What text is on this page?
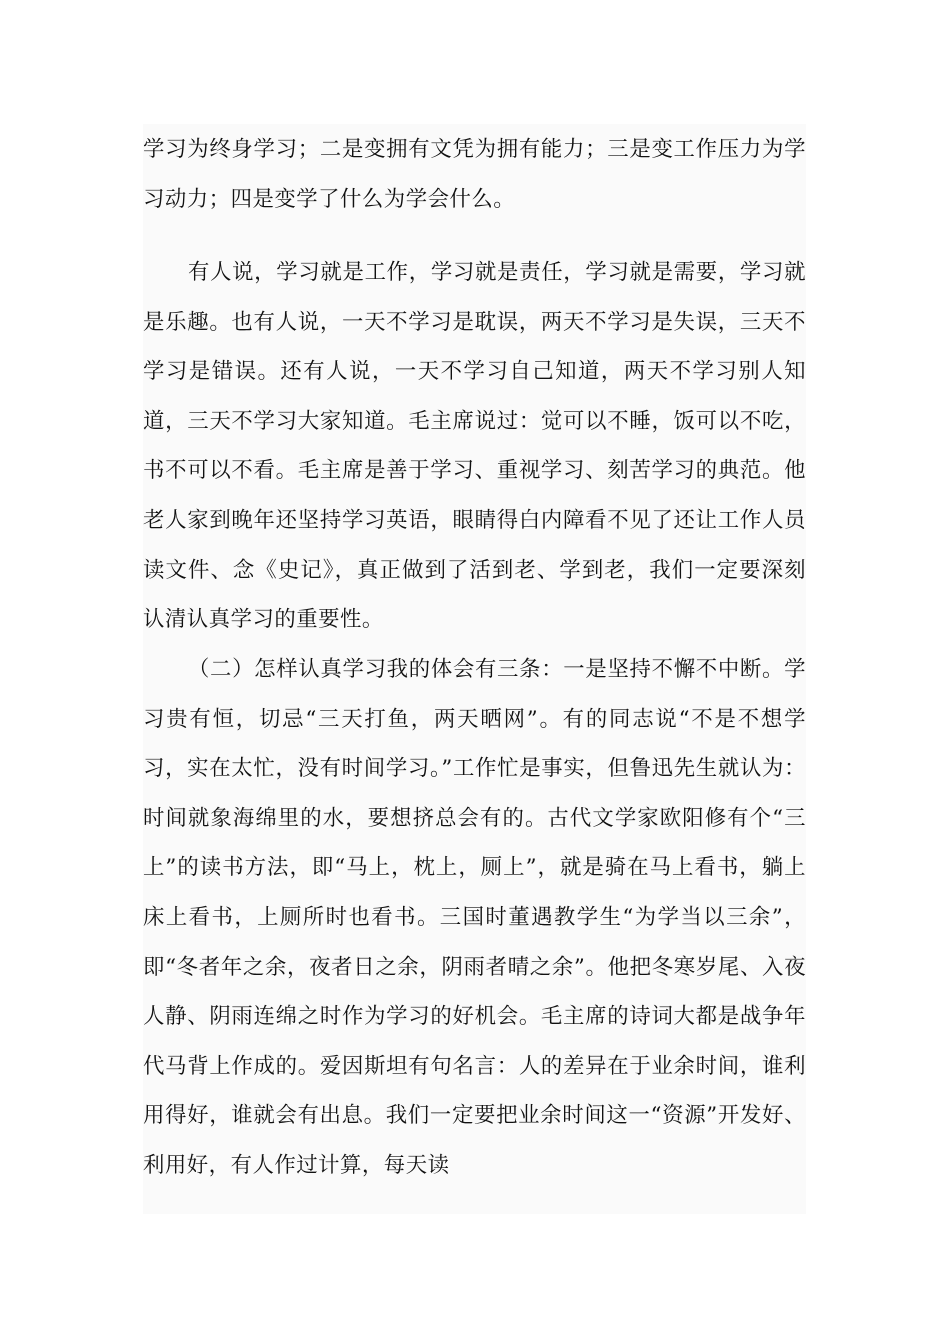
学习为终身学习；二是变拥有文凭为拥有能力；三是变工作压力为学习动力；四是变学了什么为学会什么。

有人说，学习就是工作，学习就是责任，学习就是需要，学习就是乐趣。也有人说，一天不学习是耽误，两天不学习是失误，三天不学习是错误。还有人说，一天不学习自己知道，两天不学习别人知道，三天不学习大家知道。毛主席说过：觉可以不睡，饭可以不吃，书不可以不看。毛主席是善于学习、重视学习、刻苦学习的典范。他老人家到晚年还坚持学习英语，眼睛得白内障看不见了还让工作人员读文件、念《史记》，真正做到了活到老、学到老，我们一定要深刻认清认真学习的重要性。

（二）怎样认真学习我的体会有三条：一是坚持不懈不中断。学习贵有恒，切忌“三天打鱼，两天晒网”。有的同志说“不是不想学习，实在太忙，没有时间学习。”工作忙是事实，但鲁迅先生就认为：时间就象海绵里的水，要想挤总会有的。古代文学家欧阳修有个“三上”的读书方法，即“马上，枕上，厕上”，就是骑在马上看书，躺上床上看书，上厕所时也看书。三国时董遇教学生“为学当以三余”，即“冬者年之余，夜者日之余，阴雨者晴之余”。他把冬寒岁尾、入夜人静、阴雨连绵之时作为学习的好机会。毛主席的诗词大都是战争年代马背上作成的。爱因斯坦有句名言：人的差异在于业余时间，谁利用得好，谁就会有出息。我们一定要把业余时间这一“资源”开发好、利用好，有人作过计算，每天读
